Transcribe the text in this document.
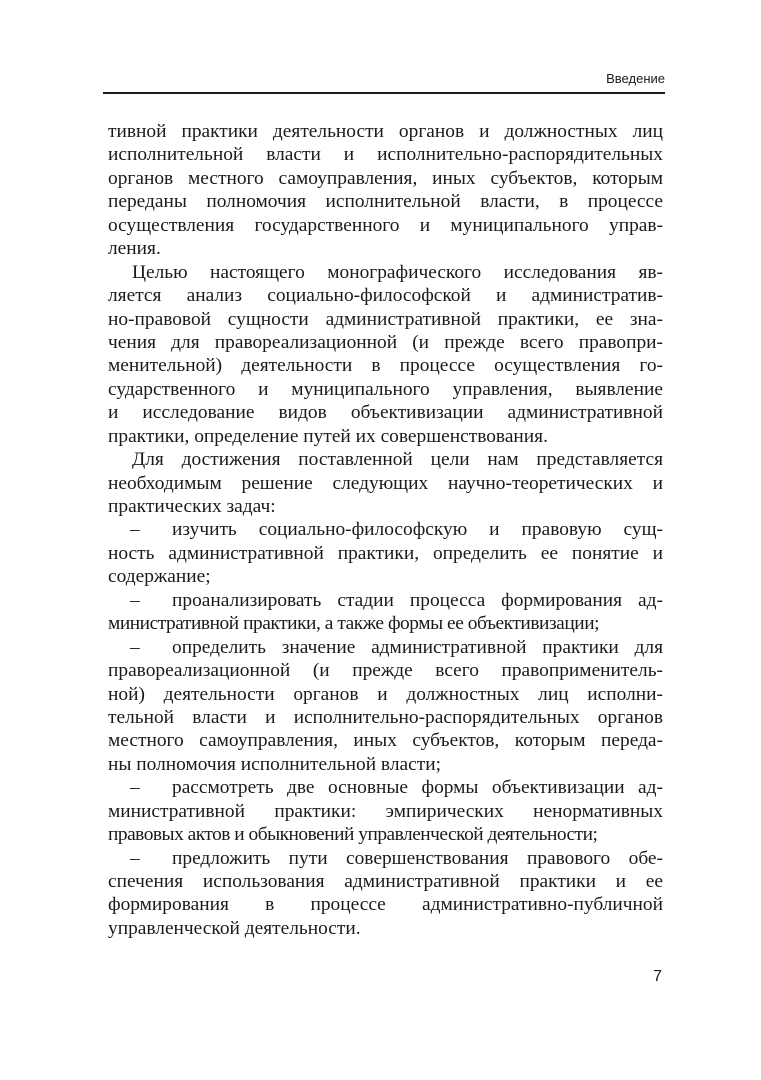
Введение
тивной практики деятельности органов и должностных лиц
исполнительной власти и исполнительно-распорядительных
органов местного самоуправления, иных субъектов, которым
переданы полномочия исполнительной власти, в процессе
осуществления государственного и муниципального управ-
ления.
Целью настоящего монографического исследования яв-
ляется анализ социально-философской и административ-
но-правовой сущности административной практики, ее зна-
чения для правореализационной (и прежде всего правопри-
менительной) деятельности в процессе осуществления го-
сударственного и муниципального управления, выявление
и исследование видов объективизации административной
практики, определение путей их совершенствования.
Для достижения поставленной цели нам представляется
необходимым решение следующих научно-теоретических и
практических задач:
–	изучить социально-философскую и правовую сущ-
ность административной практики, определить ее понятие и
содержание;
–	проанализировать стадии процесса формирования ад-
министративной практики, а также формы ее объективизации;
–	определить значение административной практики для
правореализационной (и прежде всего правоприменитель-
ной) деятельности органов и должностных лиц исполни-
тельной власти и исполнительно-распорядительных органов
местного самоуправления, иных субъектов, которым переда-
ны полномочия исполнительной власти;
–	рассмотреть две основные формы объективизации ад-
министративной практики: эмпирических ненормативных
правовых актов и обыкновений управленческой деятельности;
–	предложить пути совершенствования правового обе-
спечения использования административной практики и ее
формирования в процессе административно-публичной
управленческой деятельности.
7
